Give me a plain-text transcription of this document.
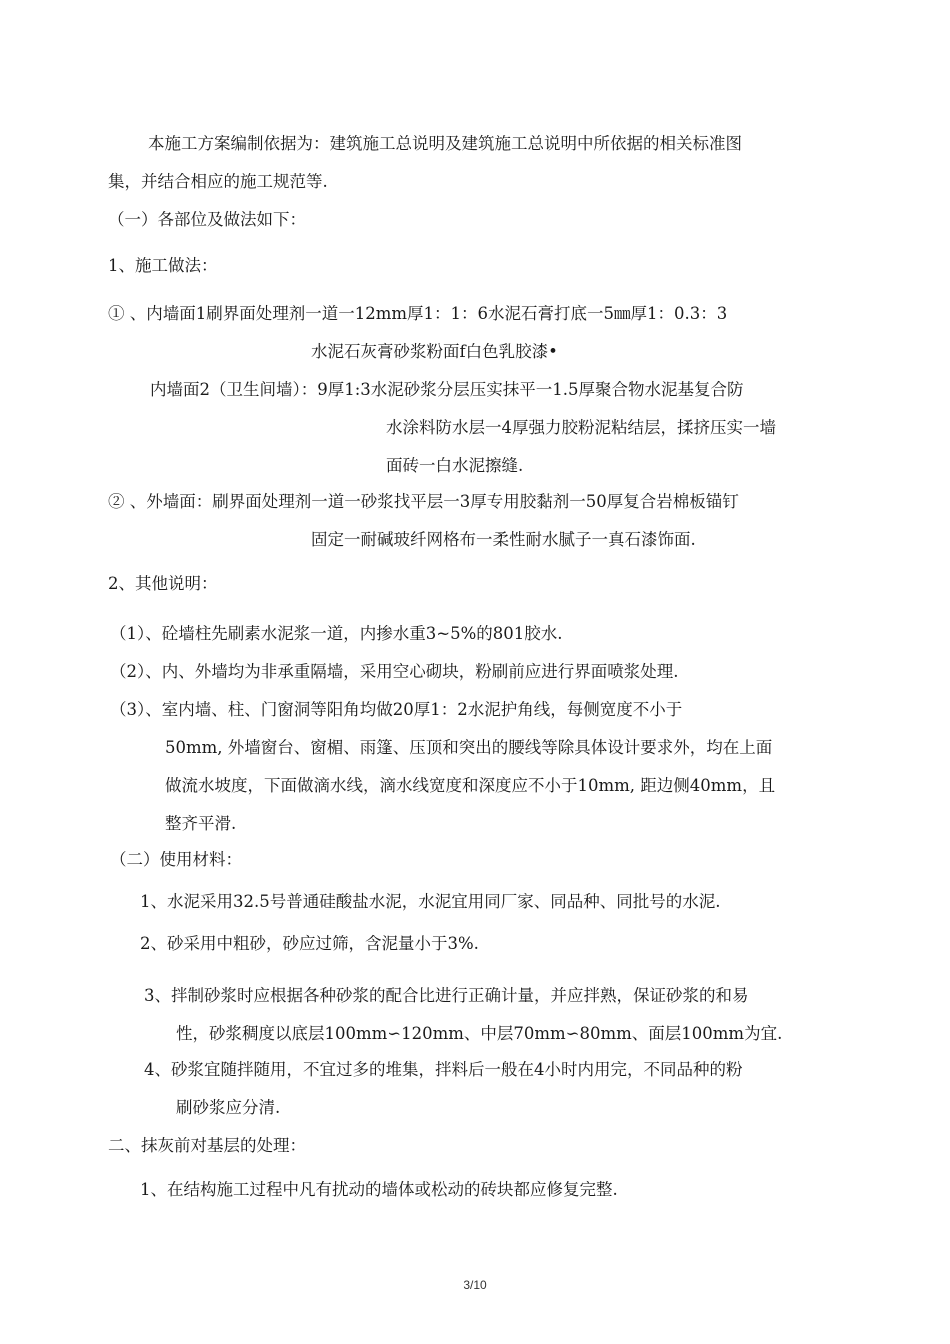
本施工方案编制依据为：建筑施工总说明及建筑施工总说明中所依据的相关标准图
集，并结合相应的施工规范等.
（一）各部位及做法如下：
1、施工做法：
① 、内墙面1刷界面处理剂一道一12mm厚1：1：6水泥石膏打底一5㎜厚1：0.3：3
水泥石灰膏砂浆粉面f白色乳胶漆•
内墙面2（卫生间墙）：9厚1:3水泥砂浆分层压实抹平一1.5厚聚合物水泥基复合防
水涂料防水层一4厚强力胶粉泥粘结层，揉挤压实一墙
面砖一白水泥擦缝.
② 、外墙面：刷界面处理剂一道一砂浆找平层一3厚专用胶黏剂一50厚复合岩棉板锚钉
固定一耐碱玻纤网格布一柔性耐水腻子一真石漆饰面.
2、其他说明：
（1）、砼墙柱先刷素水泥浆一道，内掺水重3~5%的801胶水.
（2）、内、外墙均为非承重隔墙，采用空心砌块，粉刷前应进行界面喷浆处理.
（3）、室内墙、柱、门窗洞等阳角均做20厚1：2水泥护角线，每侧宽度不小于
50mm, 外墙窗台、窗楣、雨篷、压顶和突出的腰线等除具体设计要求外，均在上面
做流水坡度，下面做滴水线，滴水线宽度和深度应不小于10mm, 距边侧40mm，且
整齐平滑.
（二）使用材料：
1、水泥采用32.5号普通硅酸盐水泥，水泥宜用同厂家、同品种、同批号的水泥.
2、砂采用中粗砂，砂应过筛，含泥量小于3%.
3、拌制砂浆时应根据各种砂浆的配合比进行正确计量，并应拌熟，保证砂浆的和易
性，砂浆稠度以底层100mm∽120mm、中层70mm∽80mm、面层100mm为宜.
4、砂浆宜随拌随用，不宜过多的堆集，拌料后一般在4小时内用完，不同品种的粉
刷砂浆应分清.
二、抹灰前对基层的处理：
1、在结构施工过程中凡有扰动的墙体或松动的砖块都应修复完整.
3/10
